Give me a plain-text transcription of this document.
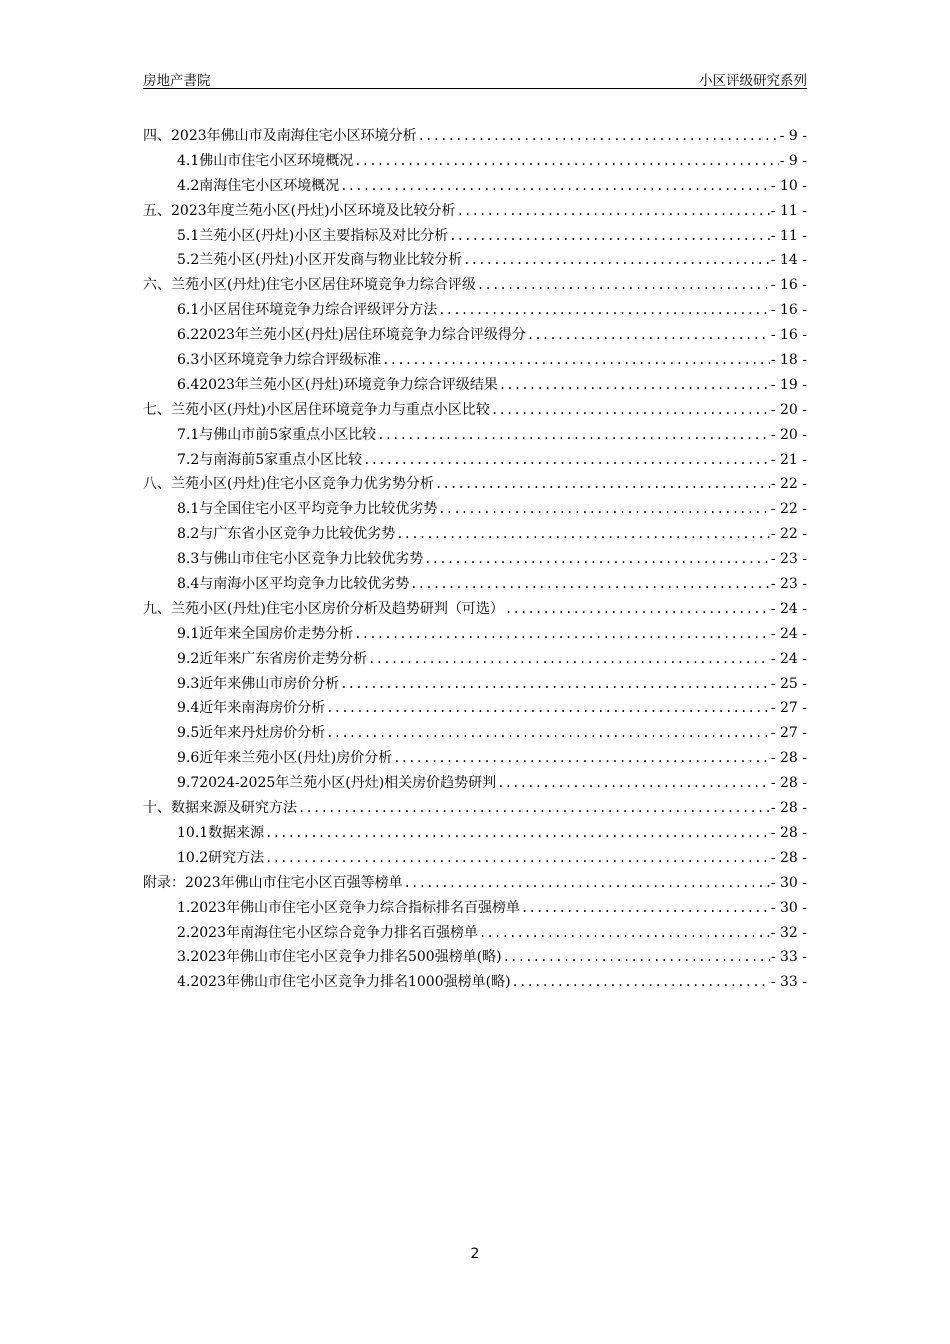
房地产書院	小区评级研究系列
四、 2023年佛山市及南海住宅小区环境分析 .....	- 9 -
4.1 佛山市住宅小区环境概况 .....	- 9 -
4.2 南海住宅小区环境概况 .....	- 10 -
五、 2023年度兰苑小区(丹灶)小区环境及比较分析 .....	- 11 -
5.1 兰苑小区(丹灶)小区主要指标及对比分析 .....	- 11 -
5.2 兰苑小区(丹灶)小区开发商与物业比较分析 .....	- 14 -
六、 兰苑小区(丹灶)住宅小区居住环境竞争力综合评级 .....	- 16 -
6.1 小区居住环境竞争力综合评级评分方法 .....	- 16 -
6.2 2023年兰苑小区(丹灶)居住环境竞争力综合评级得分 .....	- 16 -
6.3 小区环境竞争力综合评级标准 .....	- 18 -
6.4 2023年兰苑小区(丹灶)环境竞争力综合评级结果 .....	- 19 -
七、 兰苑小区(丹灶)小区居住环境竞争力与重点小区比较 .....	- 20 -
7.1 与佛山市前5家重点小区比较 .....	- 20 -
7.2 与南海前5家重点小区比较 .....	- 21 -
八、 兰苑小区(丹灶)住宅小区竞争力优劣势分析 .....	- 22 -
8.1 与全国住宅小区平均竞争力比较优劣势 .....	- 22 -
8.2 与广东省小区竞争力比较优劣势 .....	- 22 -
8.3 与佛山市住宅小区竞争力比较优劣势 .....	- 23 -
8.4 与南海小区平均竞争力比较优劣势 .....	- 23 -
九、 兰苑小区(丹灶)住宅小区房价分析及趋势研判（可选） .....	- 24 -
9.1 近年来全国房价走势分析 .....	- 24 -
9.2 近年来广东省房价走势分析 .....	- 24 -
9.3 近年来佛山市房价分析 .....	- 25 -
9.4 近年来南海房价分析 .....	- 27 -
9.5 近年来丹灶房价分析 .....	- 27 -
9.6 近年来兰苑小区(丹灶)房价分析 .....	- 28 -
9.7 2024-2025年兰苑小区(丹灶)相关房价趋势研判 .....	- 28 -
十、 数据来源及研究方法 .....	- 28 -
10.1 数据来源 .....	- 28 -
10.2 研究方法 .....	- 28 -
附录： 2023年佛山市住宅小区百强等榜单 .....	- 30 -
1. 2023年佛山市住宅小区竞争力综合指标排名百强榜单 .....	- 30 -
2. 2023年南海住宅小区综合竞争力排名百强榜单 .....	- 32 -
3. 2023年佛山市住宅小区竞争力排名500强榜单(略) .....	- 33 -
4. 2023年佛山市住宅小区竞争力排名1000强榜单(略) .....	- 33 -
2
